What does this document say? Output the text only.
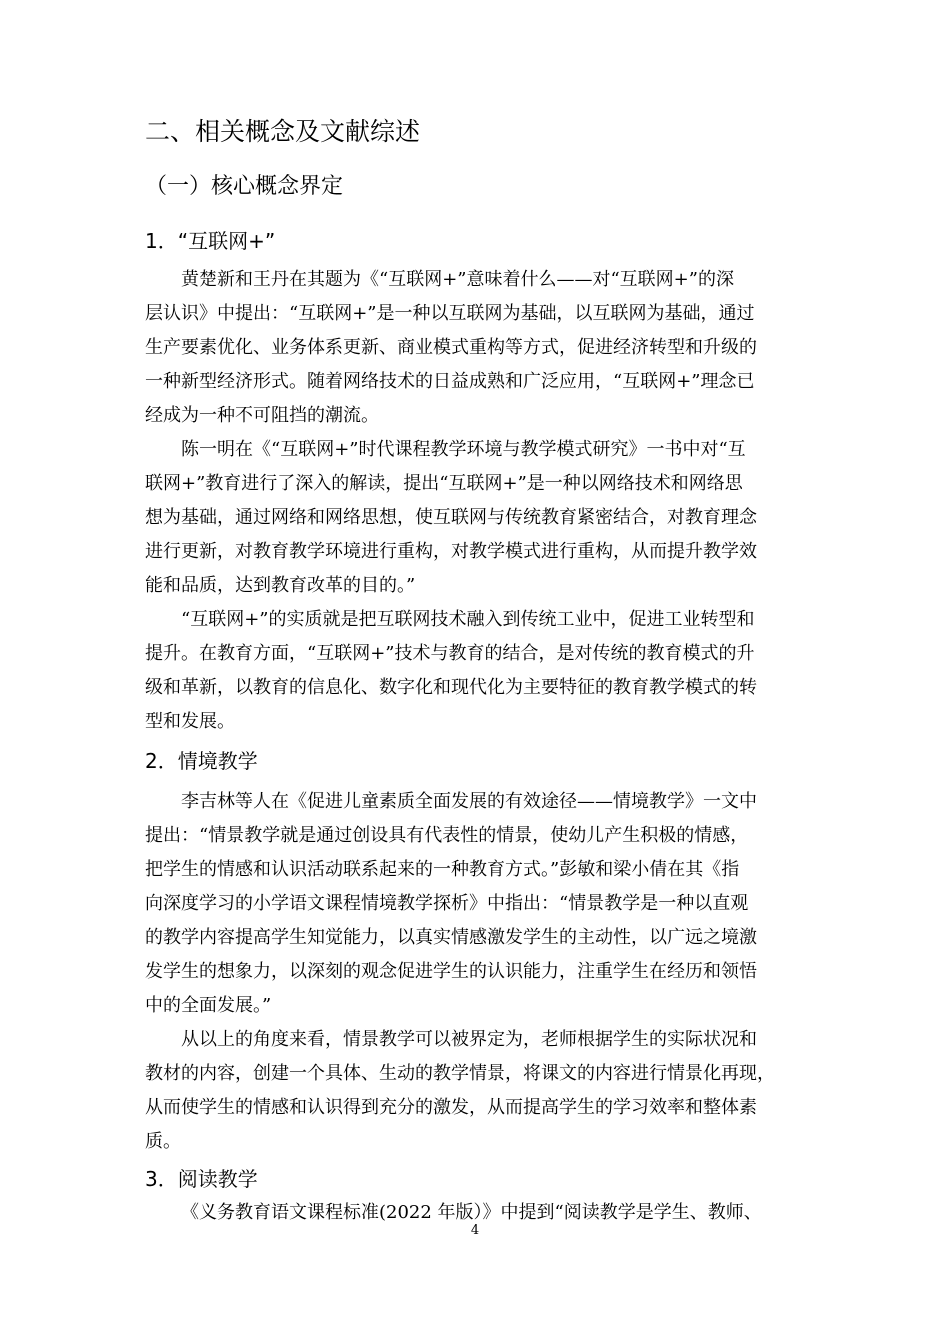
二、相关概念及文献综述
（一）核心概念界定
1．“互联网+”
黄楚新和王丹在其题为《“互联网+”意味着什么——对“互联网+”的深
层认识》中提出：“互联网+”是一种以互联网为基础，以互联网为基础，通过
生产要素优化、业务体系更新、商业模式重构等方式，促进经济转型和升级的
一种新型经济形式。随着网络技术的日益成熟和广泛应用，“互联网+”理念已
经成为一种不可阻挡的潮流。
陈一明在《“互联网+”时代课程教学环境与教学模式研究》一书中对“互
联网+”教育进行了深入的解读，提出“互联网+”是一种以网络技术和网络思
想为基础，通过网络和网络思想，使互联网与传统教育紧密结合，对教育理念
进行更新，对教育教学环境进行重构，对教学模式进行重构，从而提升教学效
能和品质，达到教育改革的目的。”
“互联网+”的实质就是把互联网技术融入到传统工业中，促进工业转型和
提升。在教育方面，“互联网+”技术与教育的结合，是对传统的教育模式的升
级和革新，以教育的信息化、数字化和现代化为主要特征的教育教学模式的转
型和发展。
2．情境教学
李吉林等人在《促进儿童素质全面发展的有效途径——情境教学》一文中
提出：“情景教学就是通过创设具有代表性的情景，使幼儿产生积极的情感，
把学生的情感和认识活动联系起来的一种教育方式。”彭敏和梁小倩在其《指
向深度学习的小学语文课程情境教学探析》中指出：“情景教学是一种以直观
的教学内容提高学生知觉能力，以真实情感激发学生的主动性，以广远之境激
发学生的想象力，以深刻的观念促进学生的认识能力，注重学生在经历和领悟
中的全面发展。”
从以上的角度来看，情景教学可以被界定为，老师根据学生的实际状况和
教材的内容，创建一个具体、生动的教学情景，将课文的内容进行情景化再现，
从而使学生的情感和认识得到充分的激发，从而提高学生的学习效率和整体素
质。
3．阅读教学
《义务教育语文课程标准(2022 年版）》中提到“阅读教学是学生、教师、
4
